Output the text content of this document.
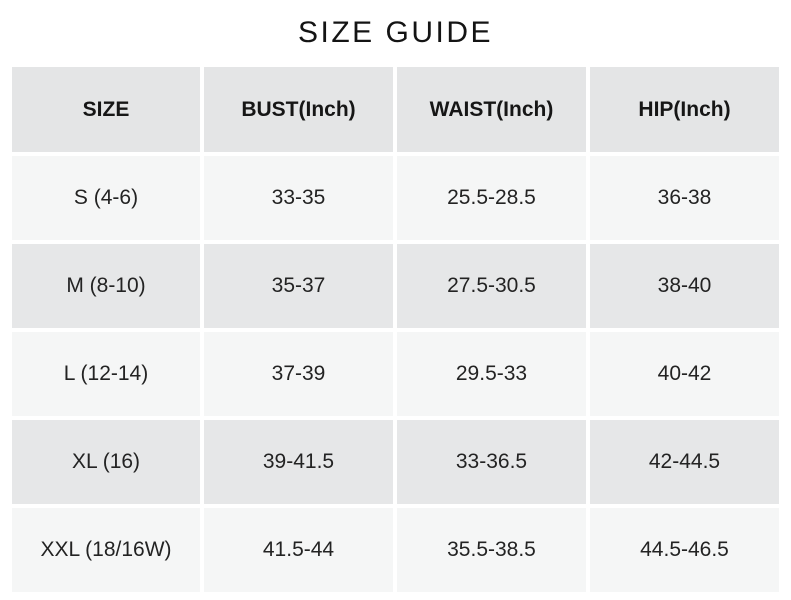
SIZE GUIDE
SIZE	BUST(Inch)	WAIST(Inch)	HIP(Inch)
S (4-6)	33-35	25.5-28.5	36-38
M (8-10)	35-37	27.5-30.5	38-40
L (12-14)	37-39	29.5-33	40-42
XL (16)	39-41.5	33-36.5	42-44.5
XXL (18/16W)	41.5-44	35.5-38.5	44.5-46.5
